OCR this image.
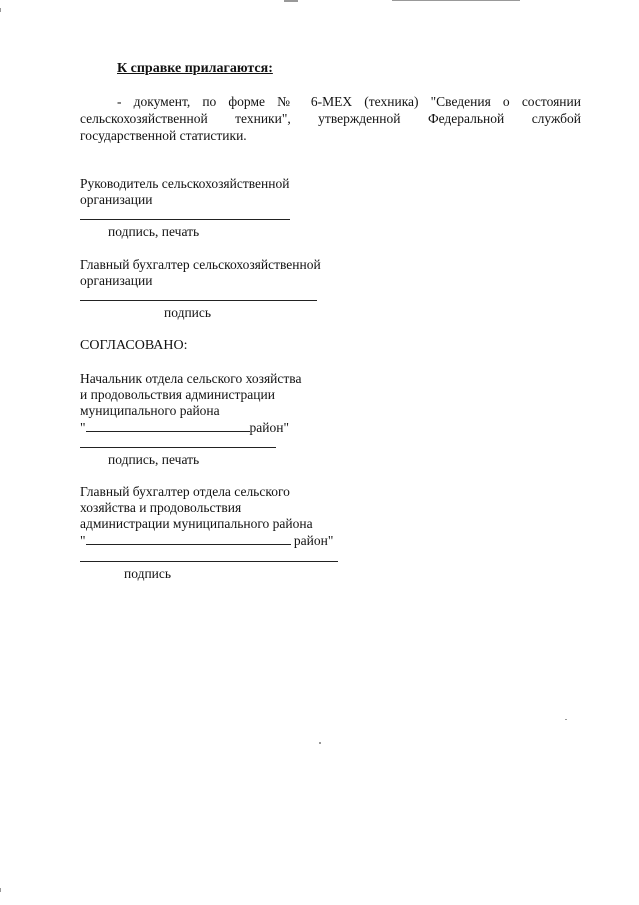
К справке прилагаются:
- документ, по форме № 6-МЕХ (техника) "Сведения о состоянии
сельскохозяйственной техники", утвержденной Федеральной службой
государственной статистики.
Руководитель сельскохозяйственной
организации
подпись, печать
Главный бухгалтер сельскохозяйственной
организации
подпись
СОГЛАСОВАНО:
Начальник отдела сельского хозяйства
и продовольствия администрации
муниципального района
"	район"
подпись, печать
Главный бухгалтер отдела сельского
хозяйства и продовольствия
администрации муниципального района
"	район"
подпись
